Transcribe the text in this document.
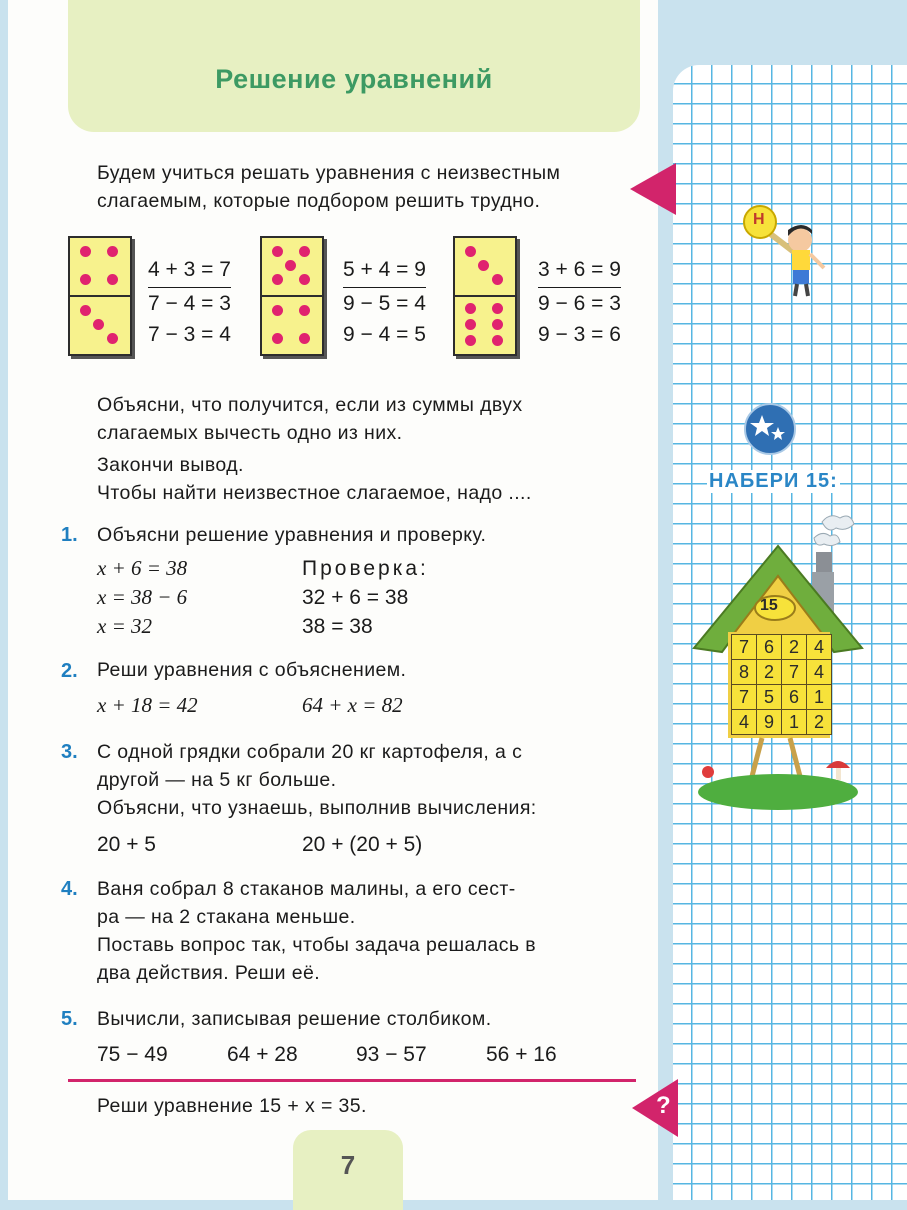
Решение уравнений
Будем учиться решать уравнения с неизвестным
слагаемым, которые подбором решить трудно.
4 + 3 = 7
7 − 4 = 3
7 − 3 = 4
5 + 4 = 9
9 − 5 = 4
9 − 4 = 5
3 + 6 = 9
9 − 6 = 3
9 − 3 = 6
Объясни, что получится, если из суммы двух
слагаемых вычесть одно из них.
Закончи вывод.
Чтобы найти неизвестное слагаемое, надо ....
1. Объясни решение уравнения и проверку.
x + 6 = 38
x = 38 − 6
x = 32
Проверка:
32 + 6 = 38
38 = 38
2. Реши уравнения с объяснением.
x + 18 = 42	64 + x = 82
3. С одной грядки собрали 20 кг картофеля, а с
другой — на 5 кг больше.
Объясни, что узнаешь, выполнив вычисления:
20 + 5	20 + (20 + 5)
4. Ваня собрал 8 стаканов малины, а его сест-
ра — на 2 стакана меньше.
Поставь вопрос так, чтобы задача решалась в
два действия. Реши её.
5. Вычисли, записывая решение столбиком.
75 − 49	64 + 28	93 − 57	56 + 16
Реши уравнение 15 + x = 35.
7
?
Н
НАБЕРИ 15:
15
7	6	2	4
8	2	7	4
7	5	6	1
4	9	1	2
